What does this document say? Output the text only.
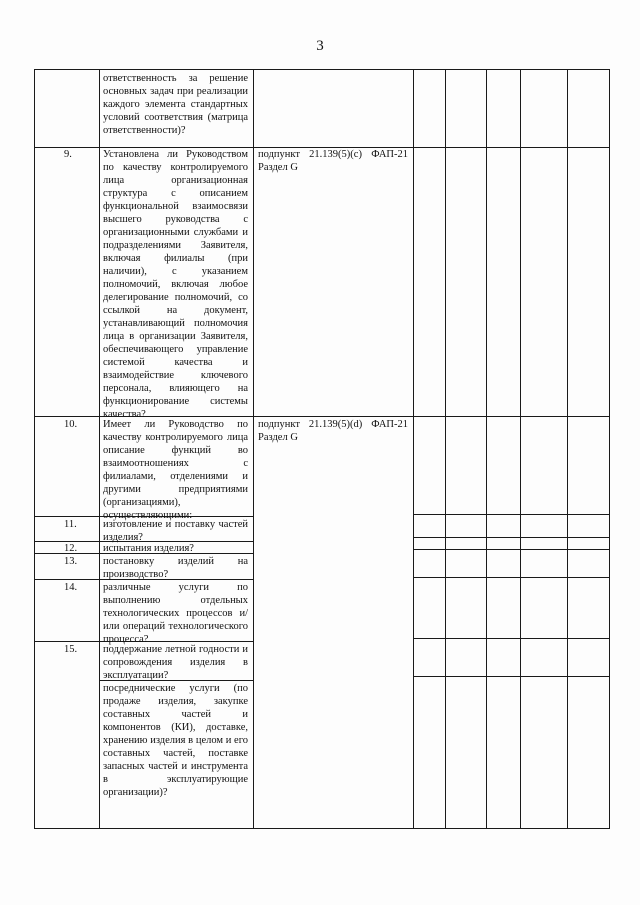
3
ответственность за решение основных задач при реализации каждого элемента стандартных условий соответствия (матрица ответственности)?
9.	Установлена ли Руководством по качеству контролируемого лица организационная структура с описанием функциональной взаимосвязи высшего руководства с организационными службами и подразделениями Заявителя, включая филиалы (при наличии), с указанием полномочий, включая любое делегирование полномочий, со ссылкой на документ, устанавливающий полномочия лица в организации Заявителя, обеспечивающего управление системой качества и взаимодействие ключевого персонала, влияющего на функционирование системы качества?
подпункт 21.139(5)(c) ФАП-21 Раздел G
10. Имеет ли Руководство по качеству контролируемого лица описание функций во взаимоотношениях с филиалами, отделениями и другими предприятиями (организациями), осуществляющими:
подпункт 21.139(5)(d) ФАП-21 Раздел G
11.	изготовление и поставку частей изделия?
12. испытания изделия?
13. постановку изделий на производство?
14. различные услуги по выполнению отдельных технологических процессов и/или операций технологического процесса?
15. поддержание летной годности и сопровождения изделия в эксплуатации?
посреднические услуги (по продаже изделия, закупке составных частей и компонентов (КИ), доставке, хранению изделия в целом и его составных частей, поставке запасных частей и инструмента в эксплуатирующие организации)?
